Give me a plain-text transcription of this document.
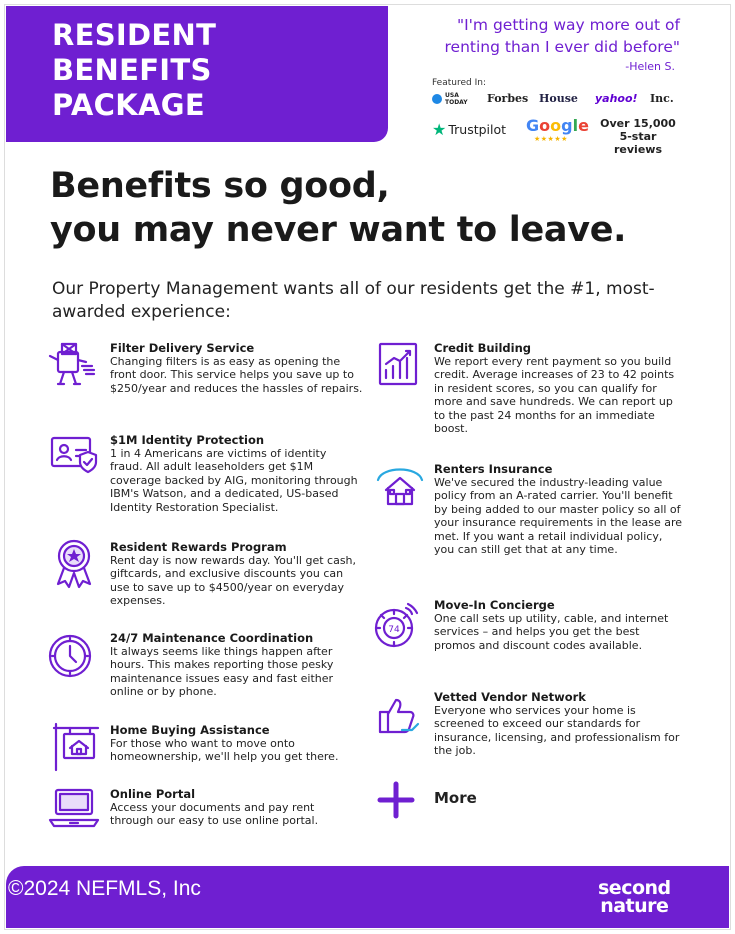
RESIDENT
BENEFITS
PACKAGE
"I'm getting way more out of
renting than I ever did before"
-Helen S.
Featured In:
USA TODAY Forbes House yahoo! Inc.
★ Trustpilot Google
★★★★★
Over 15,000
5-star reviews
Benefits so good,
you may never want to leave.
Our Property Management wants all of our residents get the #1, most-awarded experience:
Filter Delivery Service
Changing filters is as easy as opening the front door. This service helps you save up to $250/year and reduces the hassles of repairs.
$1M Identity Protection
1 in 4 Americans are victims of identity fraud. All adult leaseholders get $1M coverage backed by AIG, monitoring through IBM's Watson, and a dedicated, US-based Identity Restoration Specialist.
Resident Rewards Program
Rent day is now rewards day. You'll get cash, giftcards, and exclusive discounts you can use to save up to $4500/year on everyday expenses.
24/7 Maintenance Coordination
It always seems like things happen after hours. This makes reporting those pesky maintenance issues easy and fast either online or by phone.
Home Buying Assistance
For those who want to move onto homeownership, we'll help you get there.
Online Portal
Access your documents and pay rent through our easy to use online portal.
74
Credit Building
We report every rent payment so you build credit. Average increases of 23 to 42 points in resident scores, so you can qualify for more and save hundreds. We can report up to the past 24 months for an immediate boost.
Renters Insurance
We've secured the industry-leading value policy from an A-rated carrier. You'll benefit by being added to our master policy so all of your insurance requirements in the lease are met. If you want a retail individual policy, you can still get that at any time.
Move-In Concierge
One call sets up utility, cable, and internet services – and helps you get the best promos and discount codes available.
Vetted Vendor Network
Everyone who services your home is screened to exceed our standards for insurance, licensing, and professionalism for the job.
More
©2024 NEFMLS, Inc	second
nature
